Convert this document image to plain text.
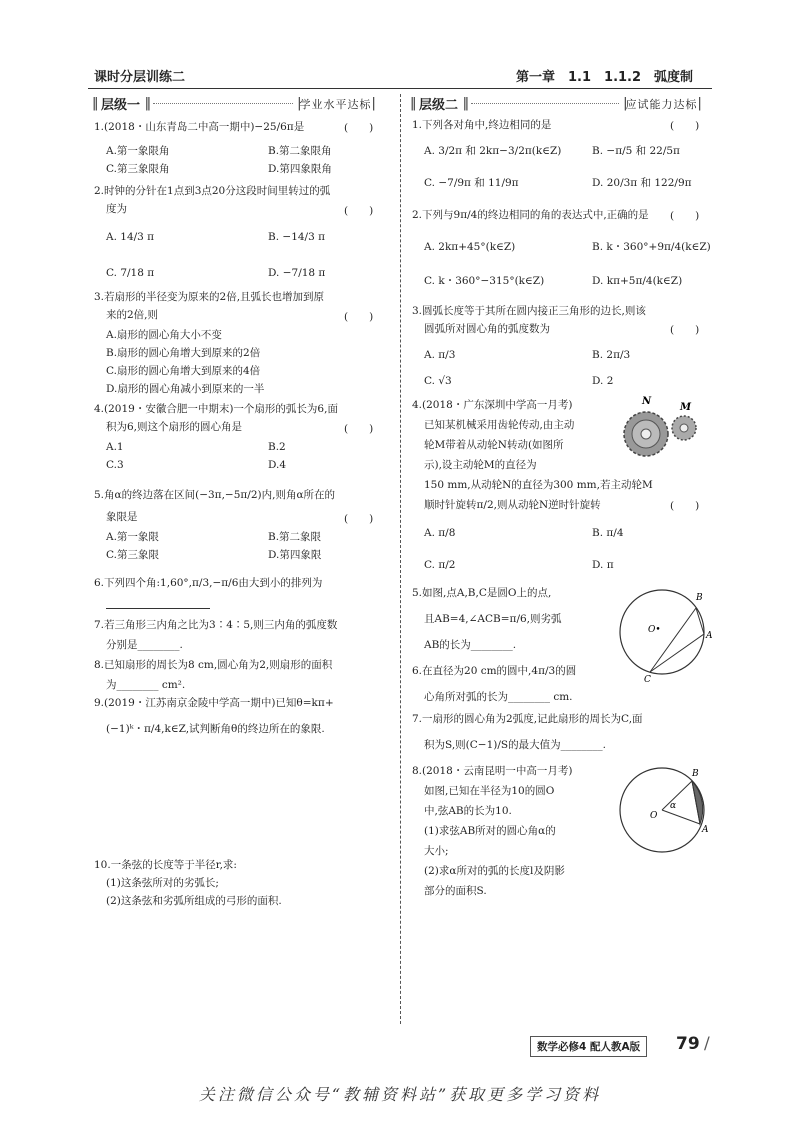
课时分层训练二	第一章　1.1　1.1.2　弧度制
‖
层级一
‖	| 学业水平达标 |	‖
层级二
‖	| 应试能力达标 |
1.(2018・山东青岛二中高一期中)−25/6π是	(　　)
A.第一象限角	B.第二象限角
C.第三象限角	D.第四象限角
2.时钟的分针在1点到3点20分这段时间里转过的弧
度为	(　　)
A. 14/3 π	B. −14/3 π
C. 7/18 π	D. −7/18 π
3.若扇形的半径变为原来的2倍,且弧长也增加到原
来的2倍,则	(　　)
A.扇形的圆心角大小不变
B.扇形的圆心角增大到原来的2倍
C.扇形的圆心角增大到原来的4倍
D.扇形的圆心角减小到原来的一半
4.(2019・安徽合肥一中期末)一个扇形的弧长为6,面
积为6,则这个扇形的圆心角是	(　　)
A.1	B.2
C.3	D.4
5.角α的终边落在区间(−3π,−5π/2)内,则角α所在的
象限是	(　　)
A.第一象限	B.第二象限
C.第三象限	D.第四象限
6.下列四个角:1,60°,π/3,−π/6由大到小的排列为
7.若三角形三内角之比为3∶4∶5,则三内角的弧度数
分别是________.
8.已知扇形的周长为8 cm,圆心角为2,则扇形的面积
为________ cm².
9.(2019・江苏南京金陵中学高一期中)已知θ=kπ+
(−1)ᵏ・π/4,k∈Z,试判断角θ的终边所在的象限.
10.一条弦的长度等于半径r,求:
(1)这条弦所对的劣弧长;
(2)这条弦和劣弧所组成的弓形的面积.
1.下列各对角中,终边相同的是	(　　)
A. 3/2π 和 2kπ−3/2π(k∈Z)	B. −π/5 和 22/5π
C. −7/9π 和 11/9π	D. 20/3π 和 122/9π
2.下列与9π/4的终边相同的角的表达式中,正确的是 (　　)
A. 2kπ+45°(k∈Z)	B. k・360°+9π/4(k∈Z)
C. k・360°−315°(k∈Z)	D. kπ+5π/4(k∈Z)
3.圆弧长度等于其所在圆内接正三角形的边长,则该
圆弧所对圆心角的弧度数为	(　　)
A. π/3	B. 2π/3
C. √3	D. 2
4.(2018・广东深圳中学高一月考)
已知某机械采用齿轮传动,由主动
轮M带着从动轮N转动(如图所
示),设主动轮M的直径为
150 mm,从动轮N的直径为300 mm,若主动轮M
顺时针旋转π/2,则从动轮N逆时针旋转	(　　)
A. π/8	B. π/4
C. π/2	D. π
N
M
5.如图,点A,B,C是圆O上的点,
且AB=4,∠ACB=π/6,则劣弧
AB的长为________.
B
A
C
O•
6.在直径为20 cm的圆中,4π/3的圆
心角所对弧的长为________ cm.
7.一扇形的圆心角为2弧度,记此扇形的周长为C,面
积为S,则(C−1)/S的最大值为________.
8.(2018・云南昆明一中高一月考)
如图,已知在半径为10的圆O
中,弦AB的长为10.
(1)求弦AB所对的圆心角α的
大小;
(2)求α所对的弧的长度l及阴影
部分的面积S.
B
A
O
α
数学必修4 配人教A版	79 /
关注微信公众号“教辅资料站”获取更多学习资料
